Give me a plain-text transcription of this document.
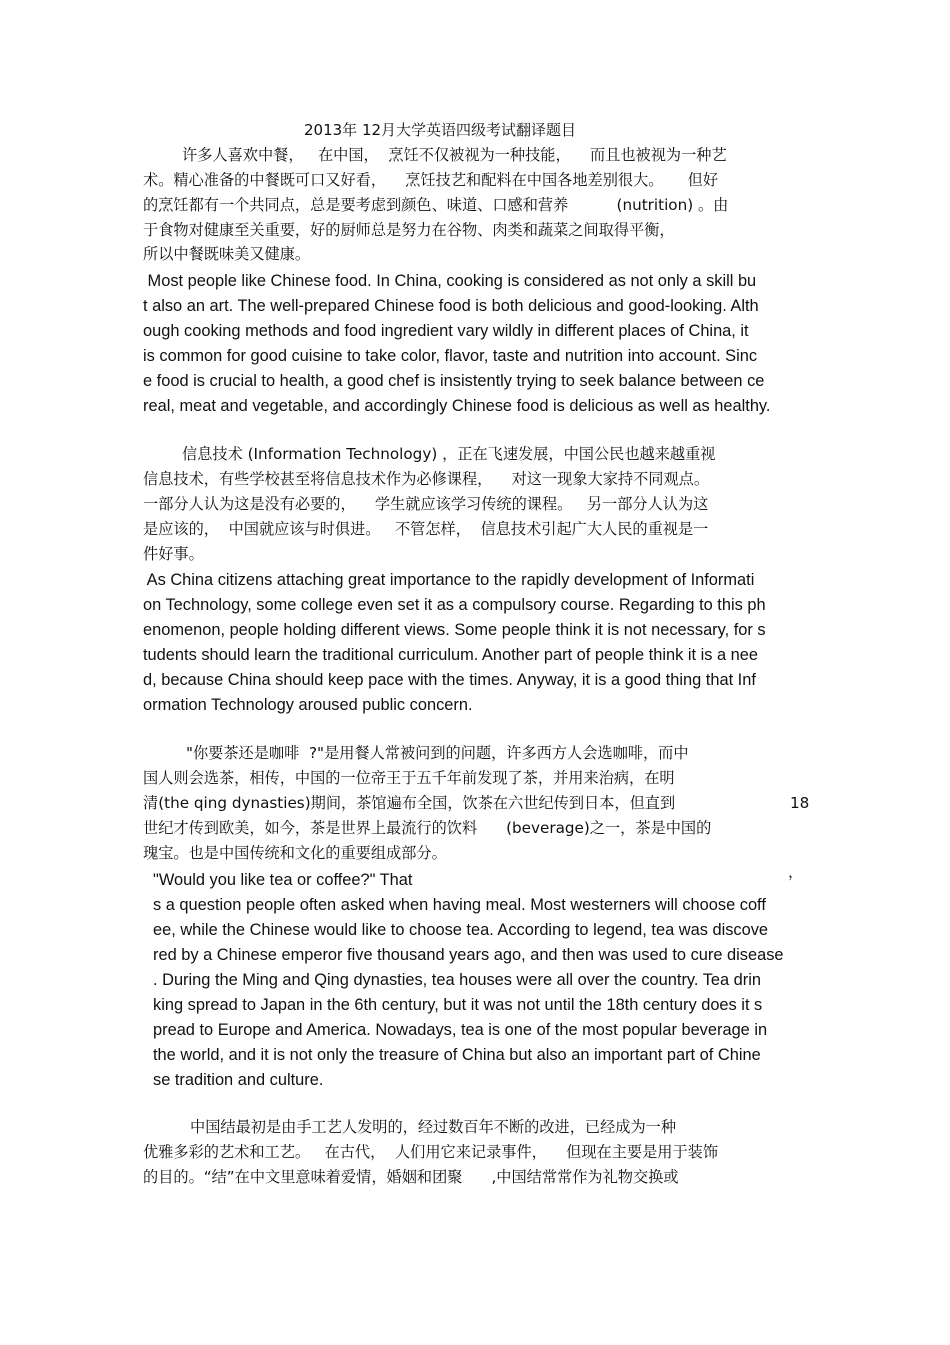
2013年 12月大学英语四级考试翻译题目
许多人喜欢中餐，   在中国，  烹饪不仅被视为一种技能，    而且也被视为一种艺
术。精心准备的中餐既可口又好看，    烹饪技艺和配料在中国各地差别很大。     但好
的烹饪都有一个共同点，总是要考虑到颜色、味道、口感和营养          (nutrition) 。由
于食物对健康至关重要，好的厨师总是努力在谷物、肉类和蔬菜之间取得平衡，
所以中餐既味美又健康。
Most people like Chinese food. In China, cooking is considered as not only a skill bu
t also an art. The well-prepared Chinese food is both delicious and good-looking. Alth
ough cooking methods and food ingredient vary wildly in different places of China, it
is common for good cuisine to take color, flavor, taste and nutrition into account. Sinc
e food is crucial to health, a good chef is insistently trying to seek balance between ce
real, meat and vegetable, and accordingly Chinese food is delicious as well as healthy.
信息技术 (Information Technology) ，正在飞速发展，中国公民也越来越重视
信息技术，有些学校甚至将信息技术作为必修课程，    对这一现象大家持不同观点。
一部分人认为这是没有必要的，    学生就应该学习传统的课程。   另一部分人认为这
是应该的，  中国就应该与时俱进。   不管怎样，  信息技术引起广大人民的重视是一
件好事。
As China citizens attaching great importance to the rapidly development of Informati
on Technology, some college even set it as a compulsory course. Regarding to this ph
enomenon, people holding different views. Some people think it is not necessary, for s
tudents should learn the traditional curriculum. Another part of people think it is a nee
d, because China should keep pace with the times. Anyway, it is a good thing that Inf
ormation Technology aroused public concern.
"你要茶还是咖啡  ?"是用餐人常被问到的问题，许多西方人会选咖啡，而中
国人则会选茶，相传，中国的一位帝王于五千年前发现了茶，并用来治病，在明
清(the qing dynasties)期间，茶馆遍布全国，饮茶在六世纪传到日本，但直到	18
世纪才传到欧美，如今，茶是世界上最流行的饮料      (beverage)之一，茶是中国的
瑰宝。也是中国传统和文化的重要组成部分。
，
"Would you like tea or coffee?" That
s a question people often asked when having meal. Most westerners will choose coff
ee, while the Chinese would like to choose tea. According to legend, tea was discove
red by a Chinese emperor five thousand years ago, and then was used to cure disease
. During the Ming and Qing dynasties, tea houses were all over the country. Tea drin
king spread to Japan in the 6th century, but it was not until the 18th century does it s
pread to Europe and America. Nowadays, tea is one of the most popular beverage in
the world, and it is not only the treasure of China but also an important part of Chine
se tradition and culture.
中国结最初是由手工艺人发明的，经过数百年不断的改进，已经成为一种
优雅多彩的艺术和工艺。   在古代，  人们用它来记录事件，    但现在主要是用于装饰
的目的。“结”在中文里意味着爱情，婚姻和团聚      ,中国结常常作为礼物交换或
